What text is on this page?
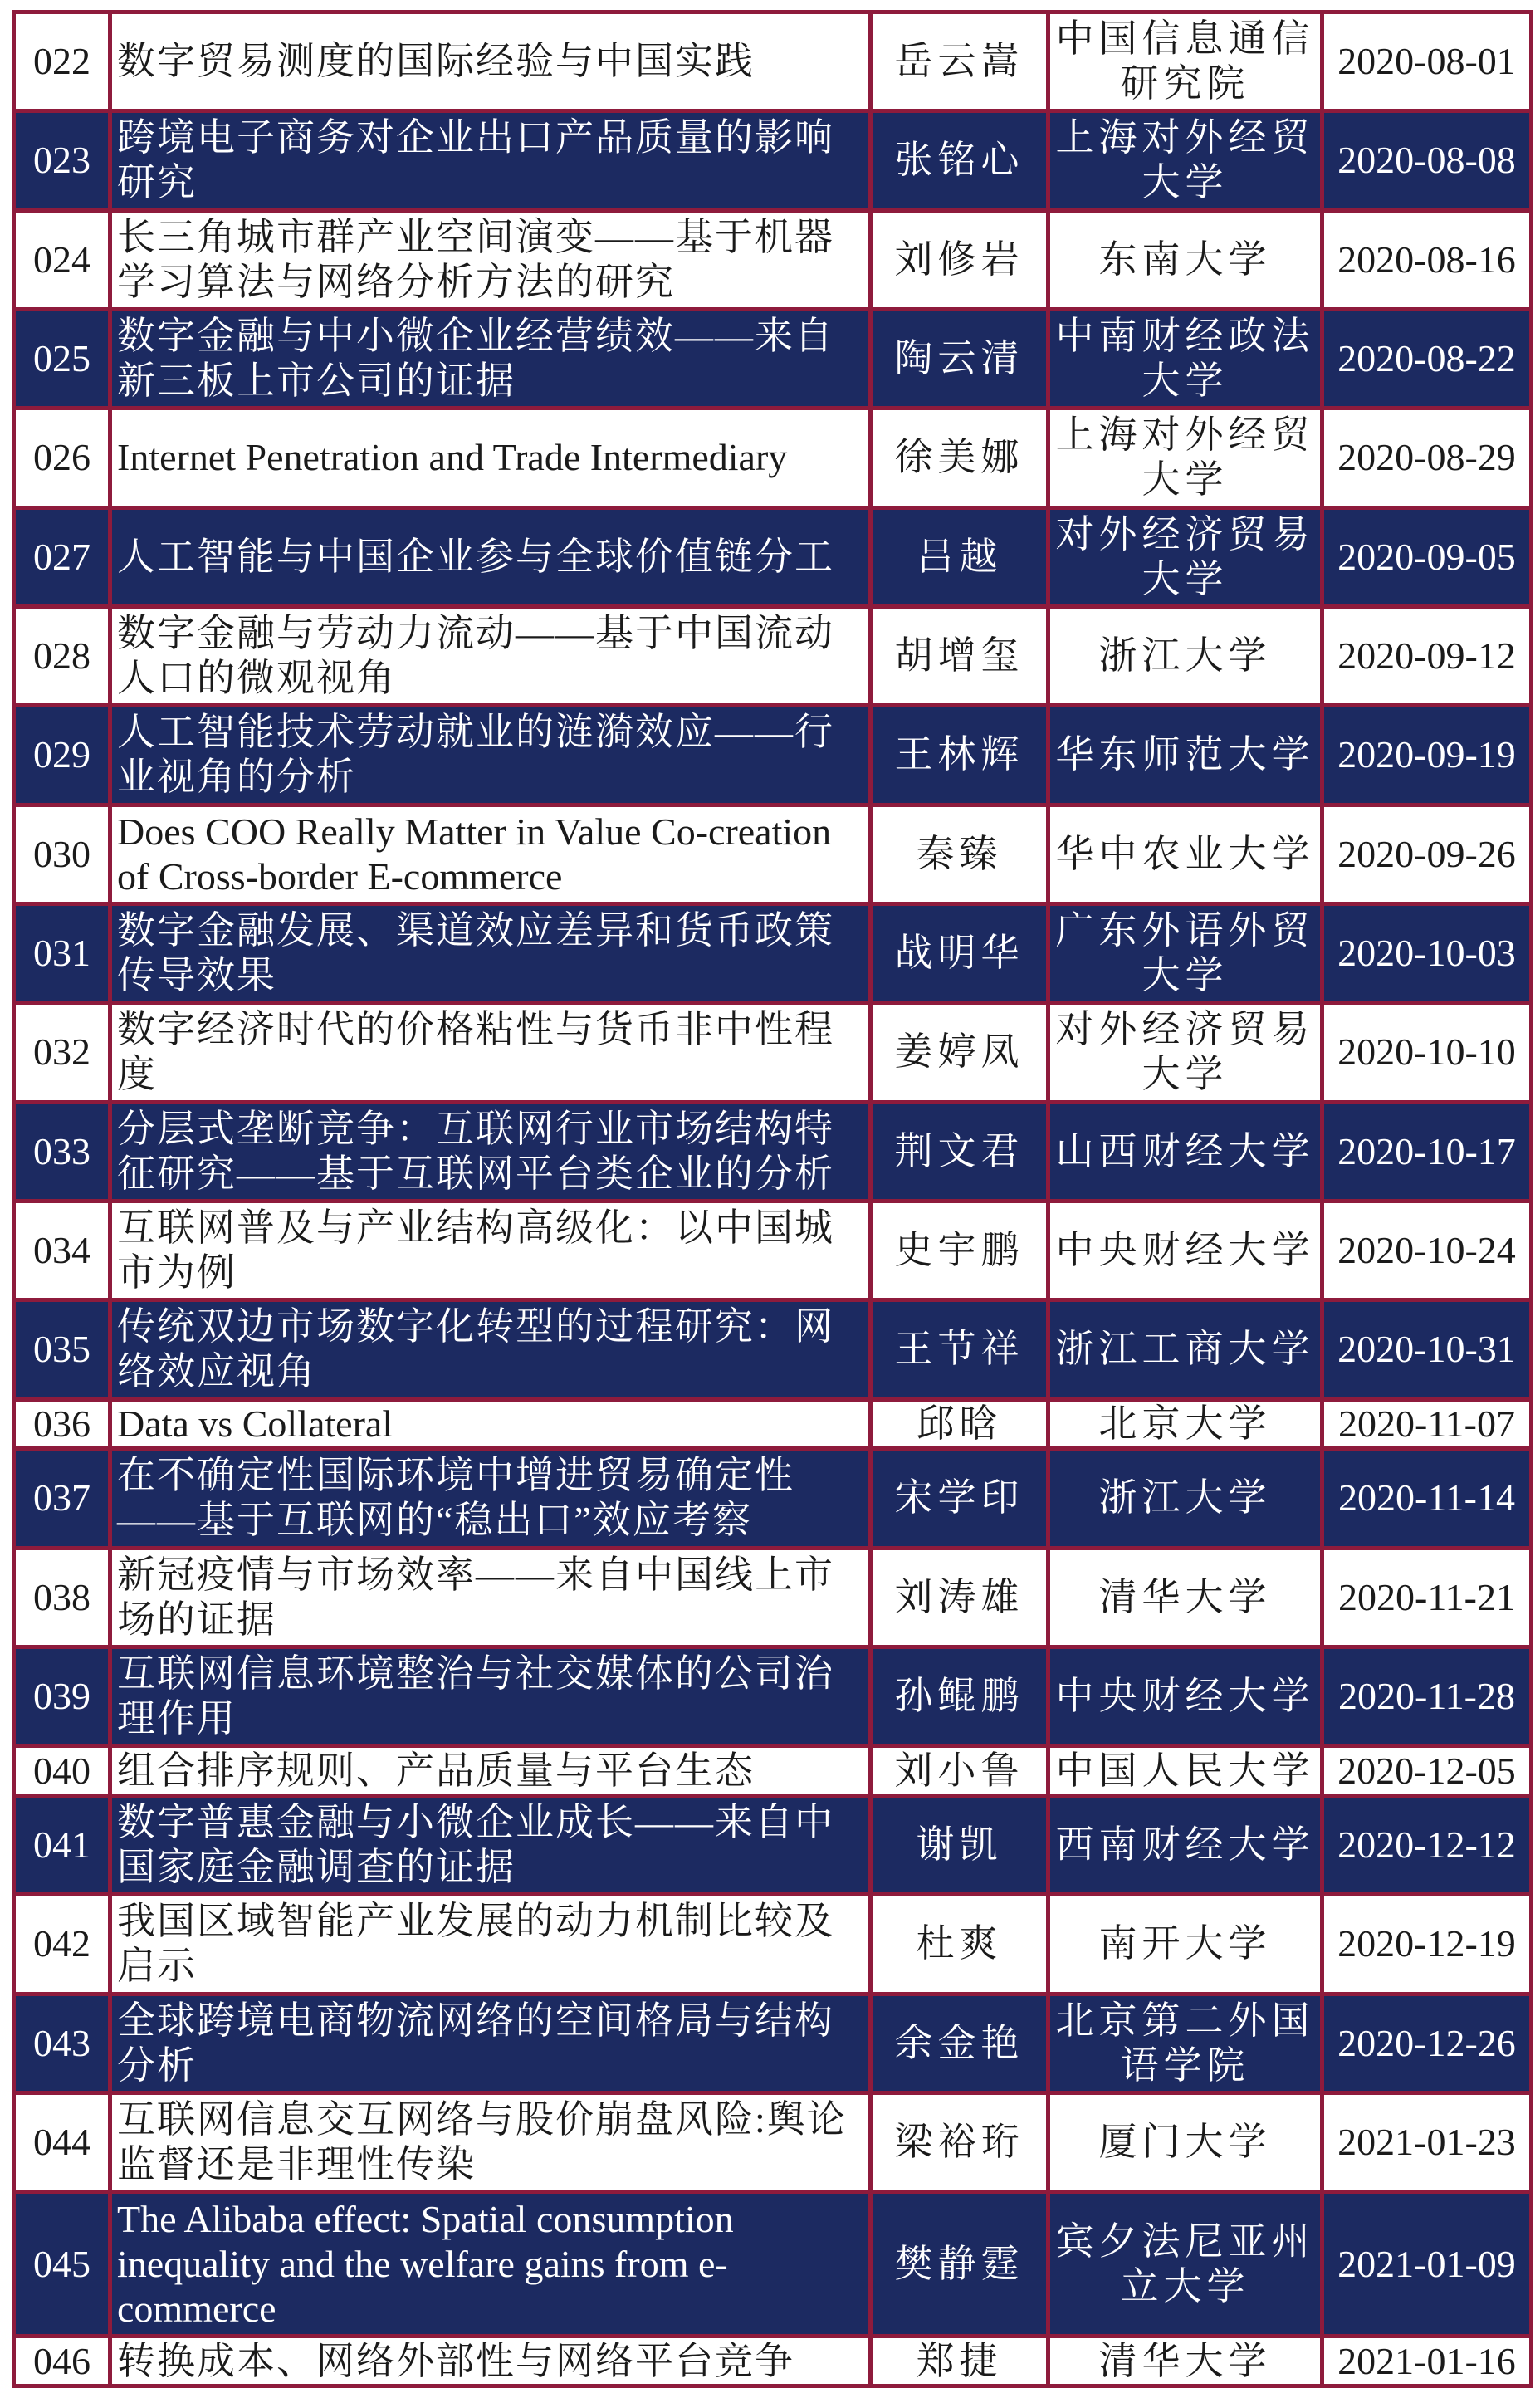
022	数字贸易测度的国际经验与中国实践	岳云嵩	中国信息通信研究院	2020-08-01
023	跨境电子商务对企业出口产品质量的影响研究	张铭心	上海对外经贸大学	2020-08-08
024	长三角城市群产业空间演变——基于机器学习算法与网络分析方法的研究	刘修岩	东南大学	2020-08-16
025	数字金融与中小微企业经营绩效——来自新三板上市公司的证据	陶云清	中南财经政法大学	2020-08-22
026	Internet Penetration and Trade Intermediary	徐美娜	上海对外经贸大学	2020-08-29
027	人工智能与中国企业参与全球价值链分工	吕越	对外经济贸易大学	2020-09-05
028	数字金融与劳动力流动——基于中国流动人口的微观视角	胡增玺	浙江大学	2020-09-12
029	人工智能技术劳动就业的涟漪效应——行业视角的分析	王林辉	华东师范大学	2020-09-19
030	Does COO Really Matter in Value Co-creation of Cross-border E-commerce	秦臻	华中农业大学	2020-09-26
031	数字金融发展、渠道效应差异和货币政策传导效果	战明华	广东外语外贸大学	2020-10-03
032	数字经济时代的价格粘性与货币非中性程度	姜婷凤	对外经济贸易大学	2020-10-10
033	分层式垄断竞争：互联网行业市场结构特征研究——基于互联网平台类企业的分析	荆文君	山西财经大学	2020-10-17
034	互联网普及与产业结构高级化：以中国城市为例	史宇鹏	中央财经大学	2020-10-24
035	传统双边市场数字化转型的过程研究：网络效应视角	王节祥	浙江工商大学	2020-10-31
036	Data vs Collateral	邱晗	北京大学	2020-11-07
037	在不确定性国际环境中增进贸易确定性——基于互联网的“稳出口”效应考察	宋学印	浙江大学	2020-11-14
038	新冠疫情与市场效率——来自中国线上市场的证据	刘涛雄	清华大学	2020-11-21
039	互联网信息环境整治与社交媒体的公司治理作用	孙鲲鹏	中央财经大学	2020-11-28
040	组合排序规则、产品质量与平台生态	刘小鲁	中国人民大学	2020-12-05
041	数字普惠金融与小微企业成长——来自中国家庭金融调查的证据	谢凯	西南财经大学	2020-12-12
042	我国区域智能产业发展的动力机制比较及启示	杜爽	南开大学	2020-12-19
043	全球跨境电商物流网络的空间格局与结构分析	余金艳	北京第二外国语学院	2020-12-26
044	互联网信息交互网络与股价崩盘风险:舆论监督还是非理性传染	梁裕珩	厦门大学	2021-01-23
045	The Alibaba effect: Spatial consumption inequality and the welfare gains from e-commerce	樊静霆	宾夕法尼亚州立大学	2021-01-09
046	转换成本、网络外部性与网络平台竞争	郑捷	清华大学	2021-01-16
